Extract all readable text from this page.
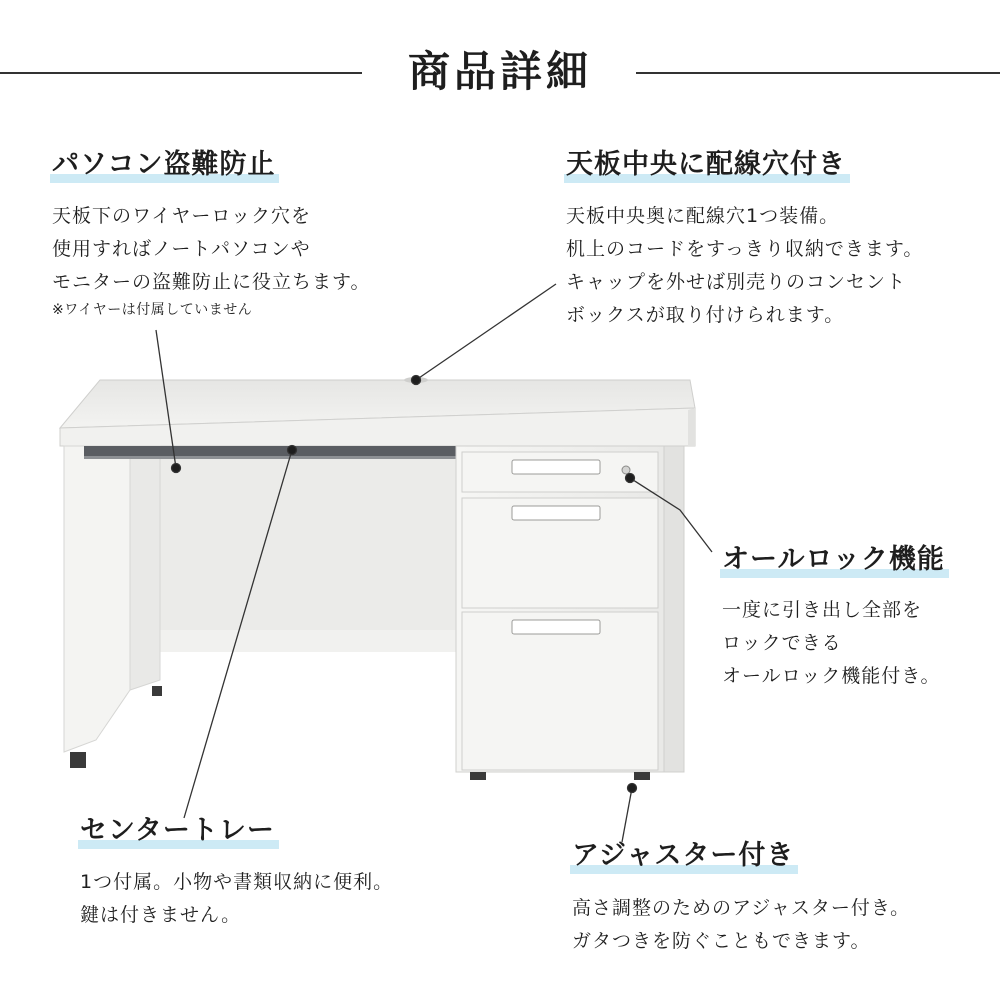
商品詳細
パソコン盗難防止
天板下のワイヤーロック穴を
使用すればノートパソコンや
モニターの盗難防止に役立ちます。
※ワイヤーは付属していません
天板中央に配線穴付き
天板中央奥に配線穴1つ装備。
机上のコードをすっきり収納できます。
キャップを外せば別売りのコンセント
ボックスが取り付けられます。
オールロック機能
一度に引き出し全部を
ロックできる
オールロック機能付き。
センタートレー
1つ付属。小物や書類収納に便利。
鍵は付きません。
アジャスター付き
高さ調整のためのアジャスター付き。
ガタつきを防ぐこともできます。
